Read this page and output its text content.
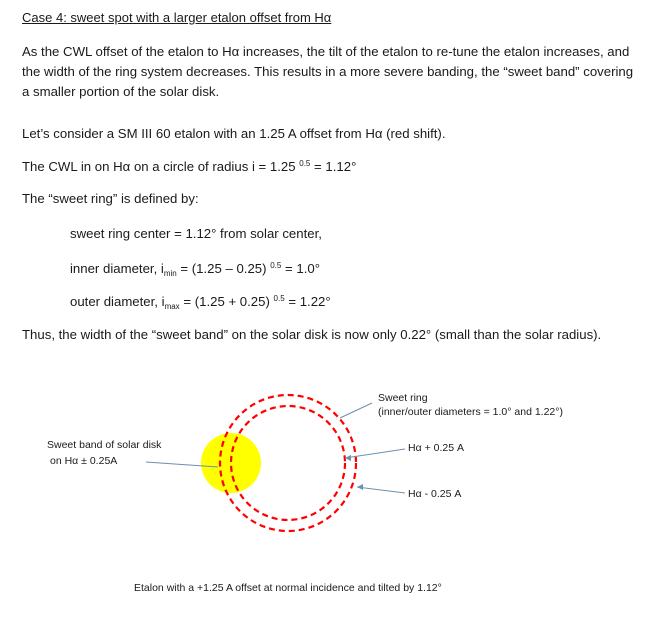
Case 4: sweet spot with a larger etalon offset from Hα
As the CWL offset of the etalon to Hα increases, the tilt of the etalon to re-tune the etalon increases, and the width of the ring system decreases. This results in a more severe banding, the “sweet band” covering a smaller portion of the solar disk.
Let’s consider a SM III 60 etalon with an 1.25 A offset from Hα (red shift).
The CWL in on Hα on a circle of radius i = 1.25 $^{0.5}$ = 1.12°
The “sweet ring” is defined by:
sweet ring center = 1.12° from solar center,
inner diameter, $i_{min} = (1.25 - 0.25) ^{0.5} = 1.0^\circ$
outer diameter, $i_{max} = (1.25 + 0.25) ^{0.5} = 1.22^\circ$
Thus, the width of the “sweet band” on the solar disk is now only 0.22° (small than the solar radius).
Sweet ring
(inner/outer diameters = 1.0° and 1.22°)
Sweet band of solar disk
on Hα ± 0.25A
Hα + 0.25 A
Hα - 0.25 A
Etalon with a +1.25 A offset at normal incidence and tilted by 1.12°
